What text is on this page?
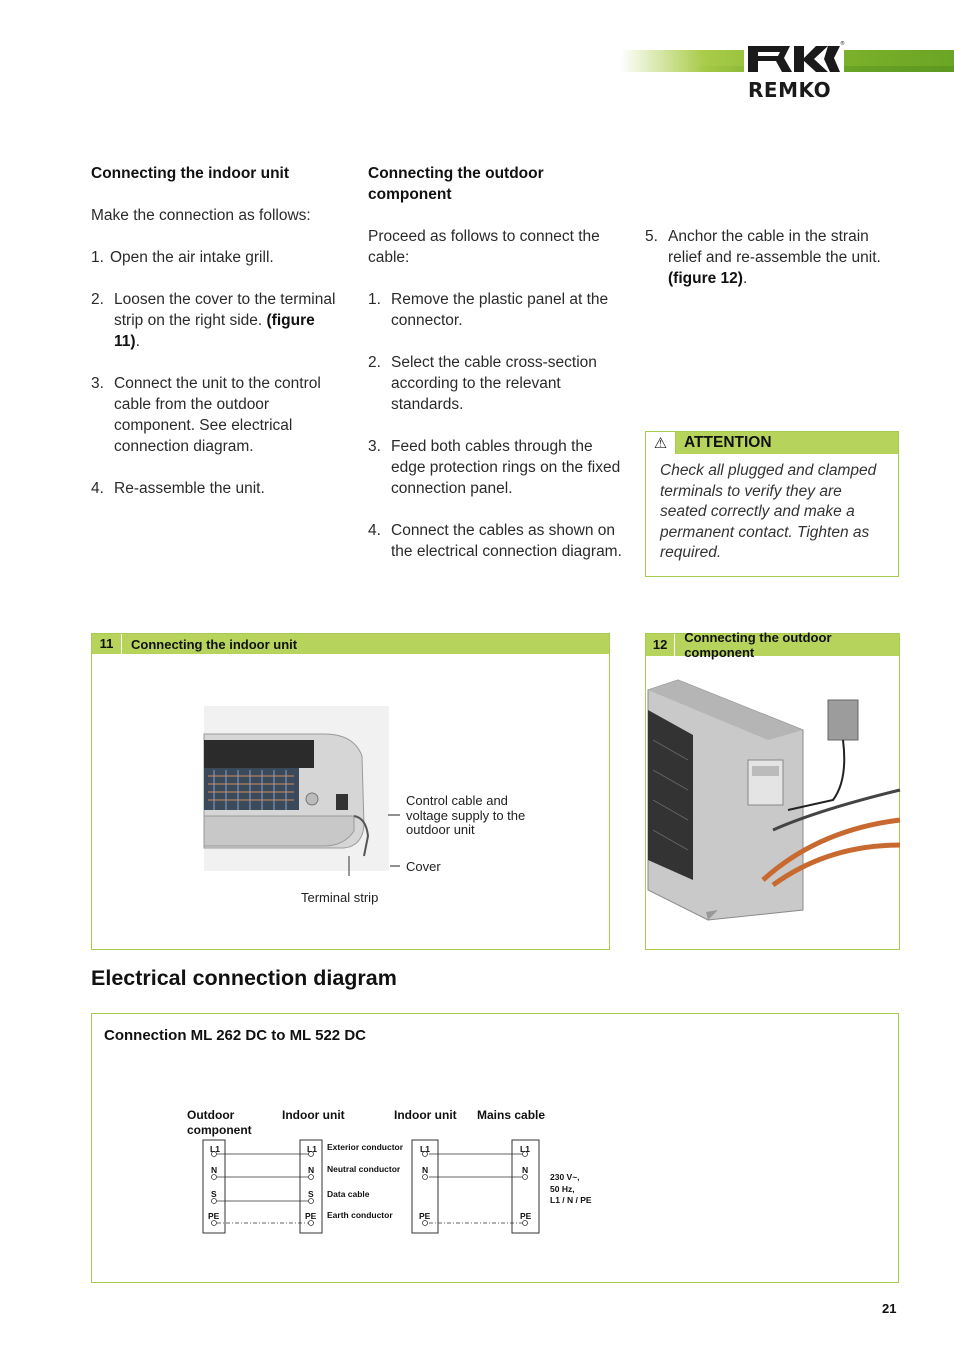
®
REMKO
Connecting the indoor unit

Make the connection as follows:

1. Open the air intake grill.
2. Loosen the cover to the terminal strip on the right side. (figure 11).
3. Connect the unit to the control cable from the outdoor component. See electrical connection diagram.
4. Re-assemble the unit.
Connecting the outdoor component

Proceed as follows to connect the cable:

1. Remove the plastic panel at the connector.
2. Select the cable cross-section according to the relevant standards.
3. Feed both cables through the edge protection rings on the fixed connection panel.
4. Connect the cables as shown on the electrical connection diagram.
5. Anchor the cable in the strain relief and re-assemble the unit. (figure 12).
⚠	ATTENTION
Check all plugged and clamped terminals to verify they are seated correctly and make a permanent contact. Tighten as required.
11	Connecting the indoor unit
Control cable and voltage supply to the outdoor unit
Cover
Terminal strip
12	Connecting the outdoor component
Electrical connection diagram
Connection ML 262 DC to ML 522 DC
Outdoor component
Indoor unit	Indoor unit Mains cable
L1
N
S
PE
L1
N
S
PE
Exterior conductor
Neutral conductor
Data cable
Earth conductor
L1
N
PE
L1
N
PE
230 V~,
50 Hz,
L1 / N / PE
21
